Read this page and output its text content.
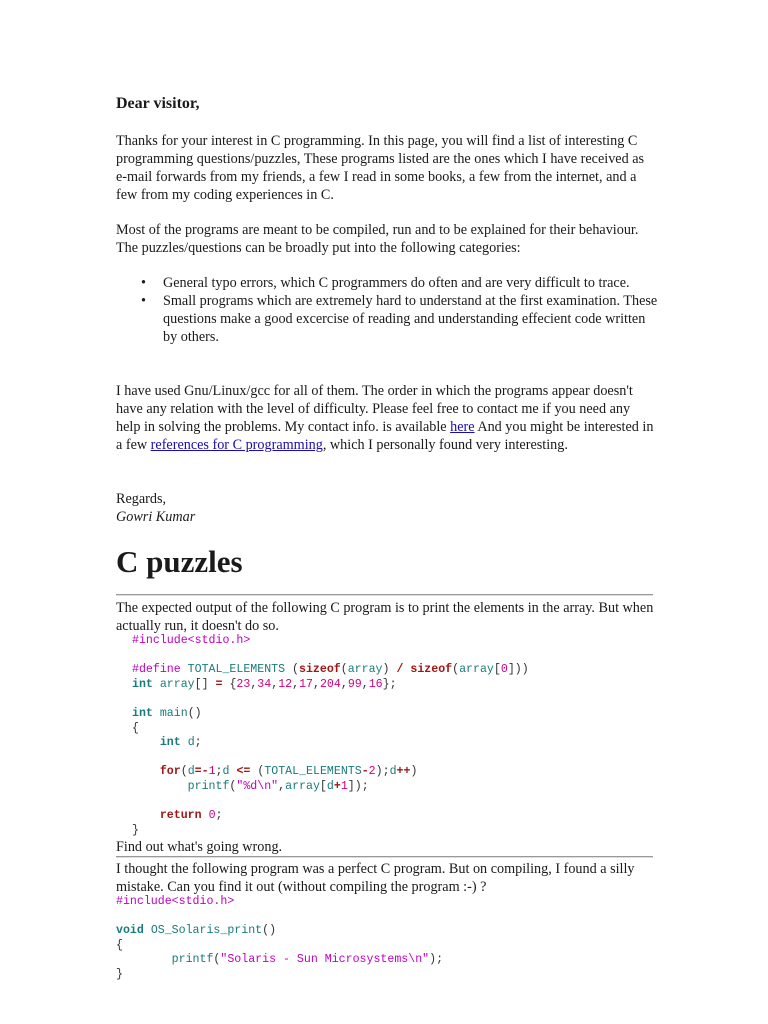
Dear visitor,

Thanks for your interest in C programming. In this page, you will find a list of interesting C programming questions/puzzles, These programs listed are the ones which I have received as e-mail forwards from my friends, a few I read in some books, a few from the internet, and a few from my coding experiences in C.

Most of the programs are meant to be compiled, run and to be explained for their behaviour. The puzzles/questions can be broadly put into the following categories:

• General typo errors, which C programmers do often and are very difficult to trace.
• Small programs which are extremely hard to understand at the first examination. These questions make a good excercise of reading and understanding effecient code written by others.

I have used Gnu/Linux/gcc for all of them. The order in which the programs appear doesn't have any relation with the level of difficulty. Please feel free to contact me if you need any help in solving the problems. My contact info. is available here And you might be interested in a few references for C programming, which I personally found very interesting.

Regards,

Gowri Kumar

C puzzles

The expected output of the following C program is to print the elements in the array. But when actually run, it doesn't do so.

#include<stdio.h>

#define TOTAL_ELEMENTS (sizeof(array) / sizeof(array[0]))
int array[] = {23,34,12,17,204,99,16};

int main()
{
int d;

for(d=-1;d <= (TOTAL_ELEMENTS-2);d++)
printf("%d\n",array[d+1]);

return 0;
}

Find out what's going wrong.

I thought the following program was a perfect C program. But on compiling, I found a silly mistake. Can you find it out (without compiling the program :-) ?

#include<stdio.h>

void OS_Solaris_print()
{
printf("Solaris - Sun Microsystems\n");
}
